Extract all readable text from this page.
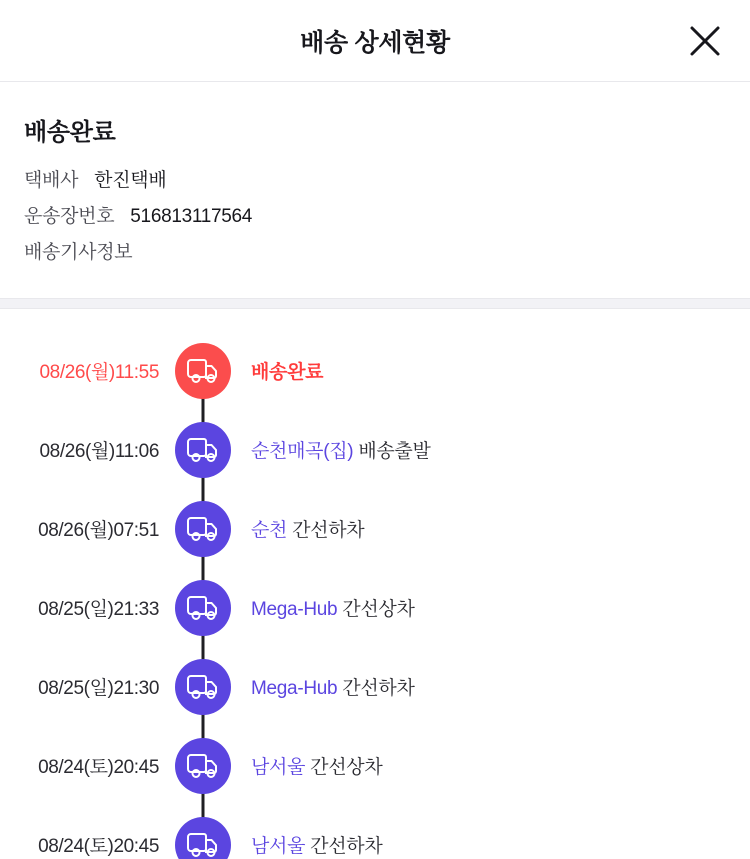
배송 상세현황
배송완료
택배사 한진택배
운송장번호 516813117564
배송기사정보
08/26(월)11:55	배송완료
08/26(월)11:06	순천매곡(집) 배송출발
08/26(월)07:51	순천 간선하차
08/25(일)21:33	Mega-Hub 간선상차
08/25(일)21:30	Mega-Hub 간선하차
08/24(토)20:45	남서울 간선상차
08/24(토)20:45	남서울 간선하차
